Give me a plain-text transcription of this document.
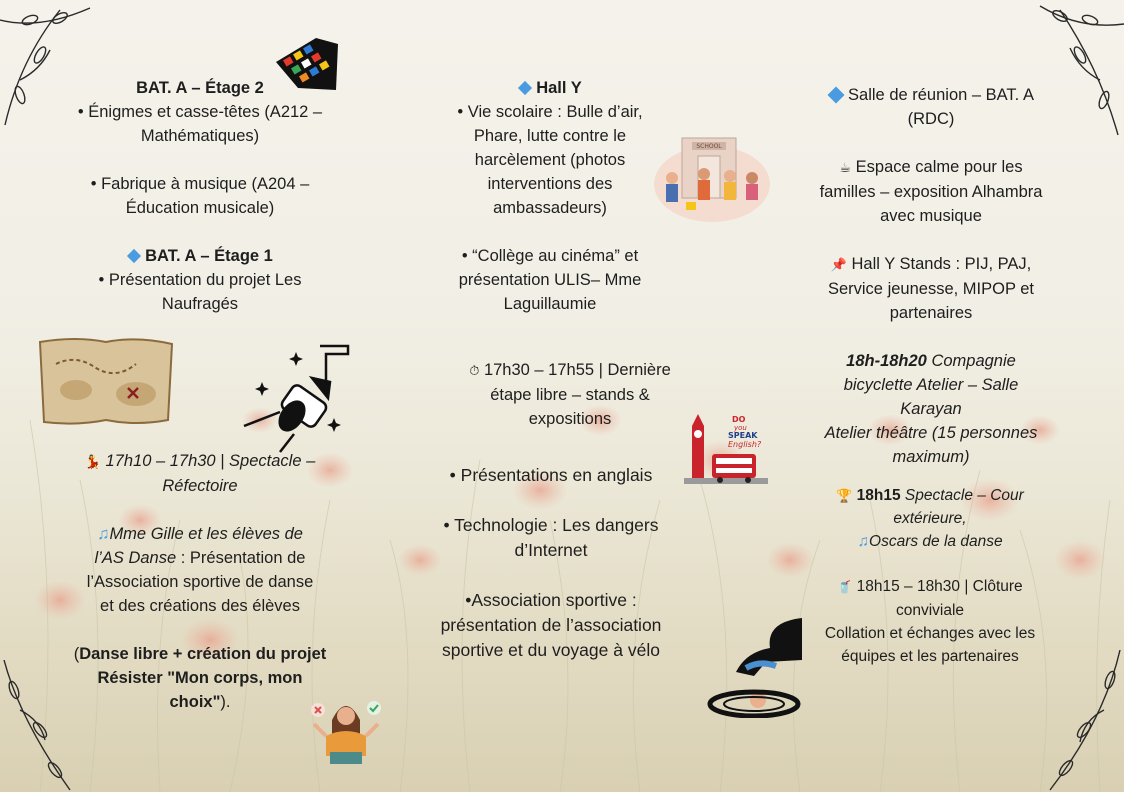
SCHOOL
DO
you
SPEAK
English?

BAT. A – Étage 2

• Énigmes et casse-têtes (A212 –

Mathématiques)

• Fabrique à musique (A204 –

Éducation musicale)

BAT. A – Étage 1

• Présentation du projet Les

Naufragés

💃 17h10 – 17h30 | Spectacle –

Réfectoire

♫Mme Gille et les élèves de

l’AS Danse : Présentation de

l’Association sportive de danse

et des créations des élèves

(Danse libre + création du projet

Résister "Mon corps, mon

choix").

Hall Y

• Vie scolaire : Bulle d’air,

Phare, lutte contre le

harcèlement (photos

interventions des

ambassadeurs)

• “Collège au cinéma” et

présentation ULIS– Mme

Laguillaumie

⏱ 17h30 – 17h55 | Dernière

étape libre – stands &

expositions

• Présentations en anglais

• Technologie : Les dangers

d’Internet

•Association sportive :

présentation de l’association

sportive et du voyage à vélo

Salle de réunion – BAT. A

(RDC)

☕ Espace calme pour les

familles – exposition Alhambra

avec musique

📌 Hall Y Stands : PIJ, PAJ,

Service jeunesse, MIPOP et

partenaires

18h-18h20 Compagnie

bicyclette Atelier – Salle

Karayan

Atelier théâtre (15 personnes

maximum)

🏆 18h15 Spectacle – Cour

extérieure,

♫Oscars de la danse

🥤 18h15 – 18h30 | Clôture

conviviale

Collation et échanges avec les

équipes et les partenaires
